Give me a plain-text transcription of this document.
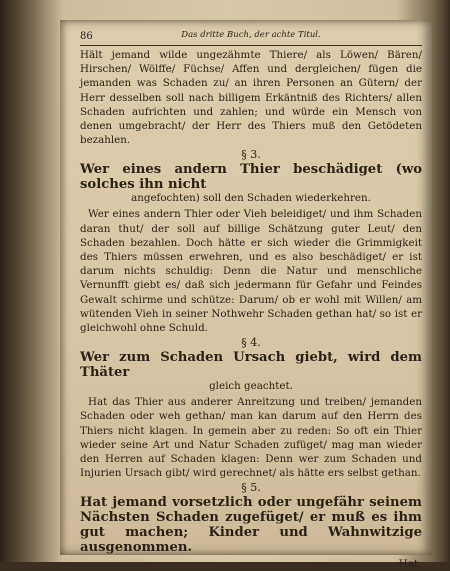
86	Das dritte Buch, der achte Titul.

Hält jemand wilde ungezähmte Thiere/ als Löwen/ Bären/ Hirschen/ Wölffe/ Füchse/ Affen und dergleichen/ fügen die jemanden was Schaden zu/ an ihren Personen an Gütern/ der Herr desselben soll nach billigem Erkäntniß des Richters/ allen Schaden aufrichten und zahlen; und würde ein Mensch von denen umgebracht/ der Herr des Thiers muß den Getödeten bezahlen.

§ 3.
Wer eines andern Thier beschädiget (wo solches ihn nicht
angefochten) soll den Schaden wiederkehren.

Wer eines andern Thier oder Vieh beleidiget/ und ihm Schaden daran thut/ der soll auf billige Schätzung guter Leut/ den Schaden bezahlen. Doch hätte er sich wieder die Grimmigkeit des Thiers müssen erwehren, und es also beschädiget/ er ist darum nichts schuldig: Denn die Natur und menschliche Vernunfft giebt es/ daß sich jedermann für Gefahr und Feindes Gewalt schirme und schütze: Darum/ ob er wohl mit Willen/ am wütenden Vieh in seiner Nothwehr Schaden gethan hat/ so ist er gleichwohl ohne Schuld.

§ 4.
Wer zum Schaden Ursach giebt, wird dem Thäter
gleich geachtet.

Hat das Thier aus anderer Anreitzung und treiben/ jemanden Schaden oder weh gethan/ man kan darum auf den Herrn des Thiers nicht klagen. In gemein aber zu reden: So oft ein Thier wieder seine Art und Natur Schaden zufüget/ mag man wieder den Herren auf Schaden klagen: Denn wer zum Schaden und Injurien Ursach gibt/ wird gerechnet/ als hätte ers selbst gethan.

§ 5.
Hat jemand vorsetzlich oder ungefähr seinem Nächsten Schaden zugefüget/ er muß es ihm gut machen; Kinder und Wahnwitzige ausgenommen.
Hat
